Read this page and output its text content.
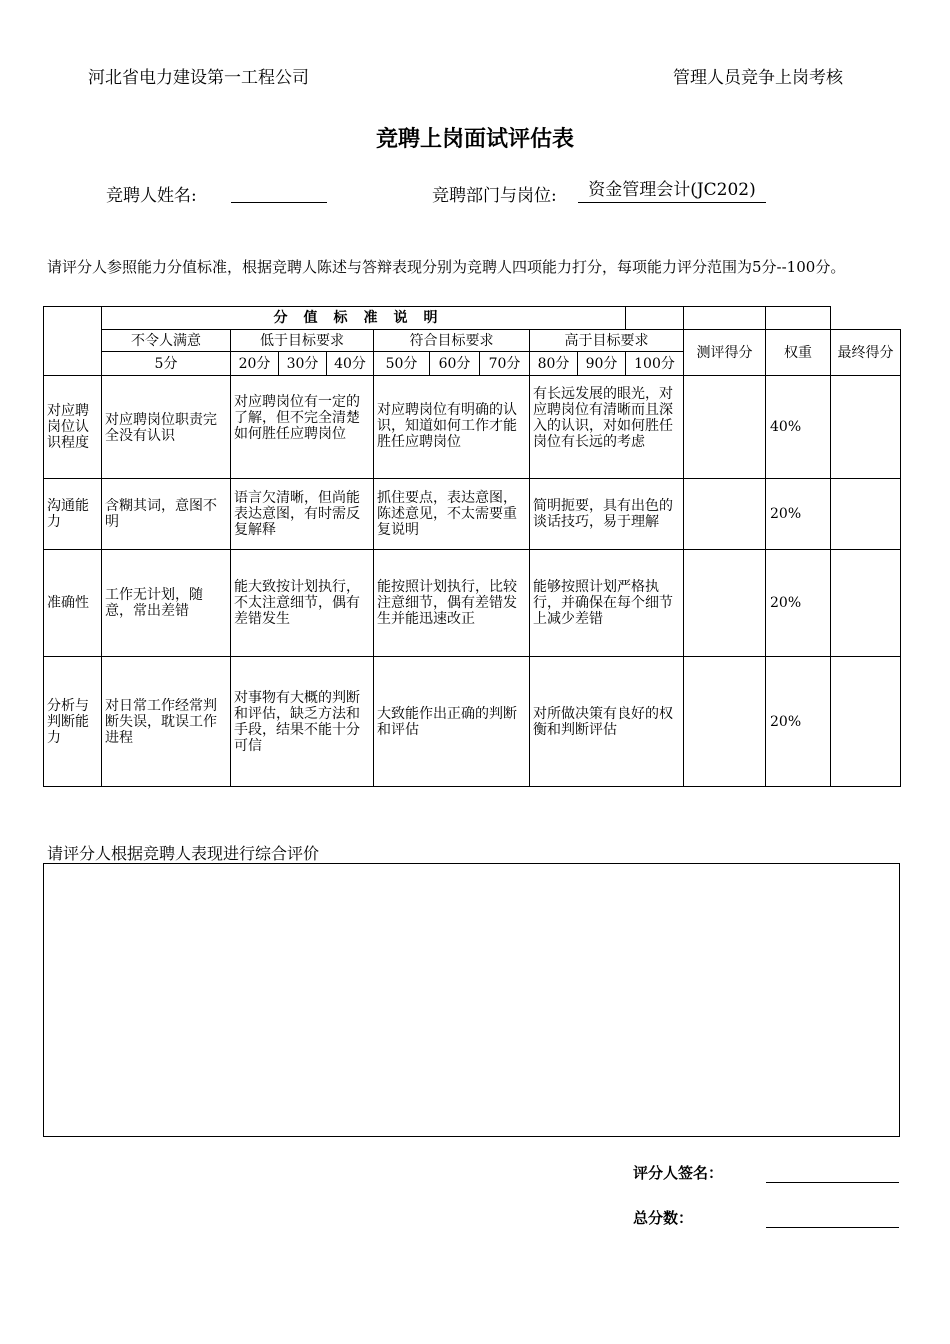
河北省电力建设第一工程公司	管理人员竞争上岗考核
竞聘上岗面试评估表
竞聘人姓名:	竞聘部门与岗位:	资金管理会计(JC202)
请评分人参照能力分值标准，根据竞聘人陈述与答辩表现分别为竞聘人四项能力打分，每项能力评分范围为5分--100分。
	分值标准说明												
	不令人满意	低于目标要求			符合目标要求			高于目标要求			测评得分	权重	最终得分
	5分	20分	30分	40分	50分	60分	70分	80分	90分	100分			
对应聘岗位认识程度	对应聘岗位职责完全没有认识	对应聘岗位有一定的了解，但不完全清楚如何胜任应聘岗位			对应聘岗位有明确的认识，知道如何工作才能胜任应聘岗位			有长远发展的眼光，对应聘岗位有清晰而且深入的认识，对如何胜任岗位有长远的考虑				40%	
沟通能力	含糊其词，意图不明	语言欠清晰，但尚能表达意图，有时需反复解释			抓住要点，表达意图，陈述意见，不太需要重复说明			简明扼要，具有出色的谈话技巧，易于理解				20%	
准确性	工作无计划，随意，常出差错	能大致按计划执行，不太注意细节，偶有差错发生			能按照计划执行，比较注意细节，偶有差错发生并能迅速改正			能够按照计划严格执行，并确保在每个细节上减少差错				20%	
分析与判断能力	对日常工作经常判断失误，耽误工作进程	对事物有大概的判断和评估，缺乏方法和手段，结果不能十分可信			大致能作出正确的判断和评估			对所做决策有良好的权衡和判断评估				20%	
请评分人根据竞聘人表现进行综合评价
评分人签名：
总分数：
